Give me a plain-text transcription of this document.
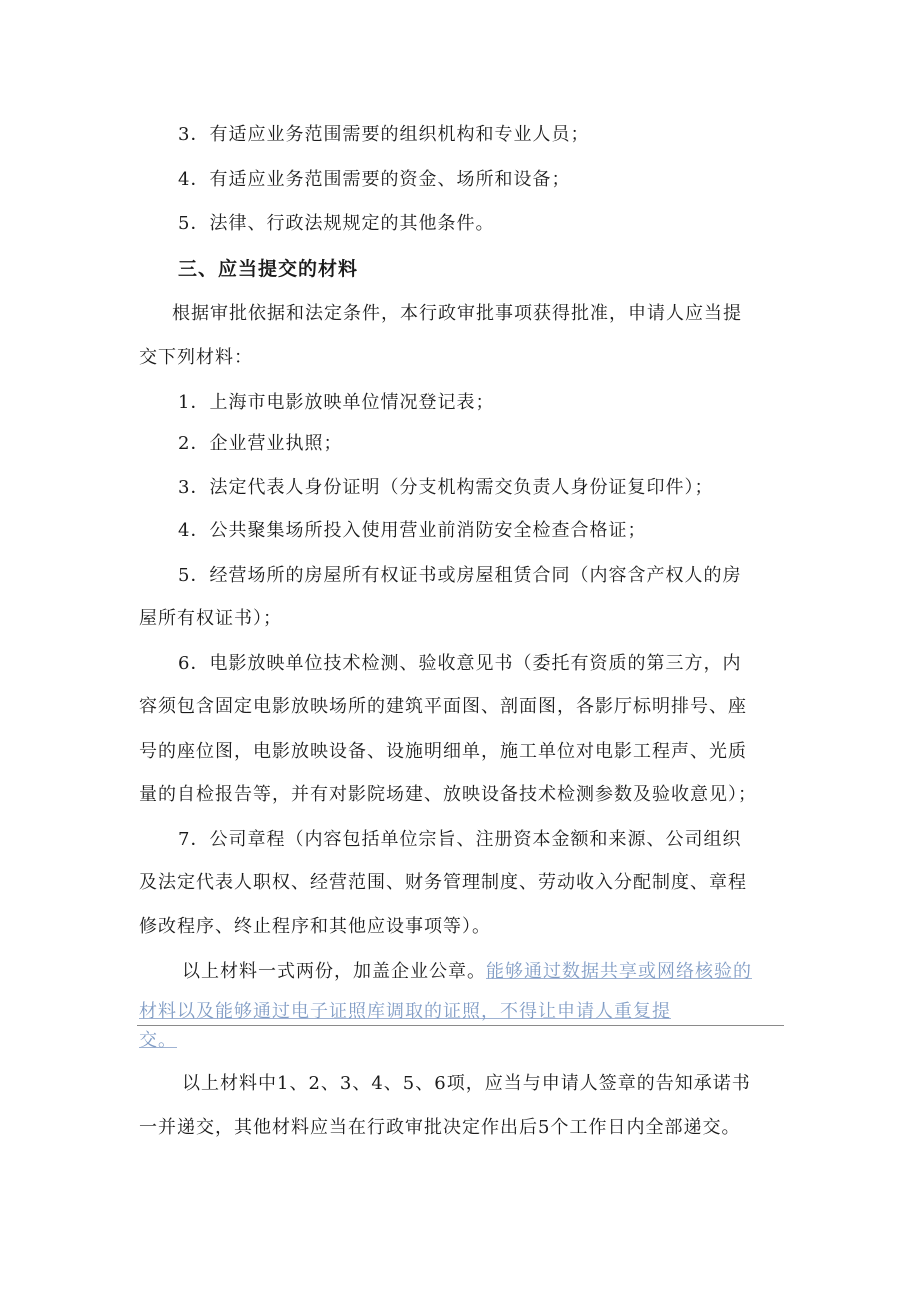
3．有适应业务范围需要的组织机构和专业人员；
4．有适应业务范围需要的资金、场所和设备；
5．法律、行政法规规定的其他条件。
三、应当提交的材料
根据审批依据和法定条件，本行政审批事项获得批准，申请人应当提
交下列材料：
1．上海市电影放映单位情况登记表；
2．企业营业执照；
3．法定代表人身份证明（分支机构需交负责人身份证复印件）；
4．公共聚集场所投入使用营业前消防安全检查合格证；
5．经营场所的房屋所有权证书或房屋租赁合同（内容含产权人的房
屋所有权证书）；
6．电影放映单位技术检测、验收意见书（委托有资质的第三方，内
容须包含固定电影放映场所的建筑平面图、剖面图，各影厅标明排号、座
号的座位图，电影放映设备、设施明细单，施工单位对电影工程声、光质
量的自检报告等，并有对影院场建、放映设备技术检测参数及验收意见）；
7．公司章程（内容包括单位宗旨、注册资本金额和来源、公司组织
及法定代表人职权、经营范围、财务管理制度、劳动收入分配制度、章程
修改程序、终止程序和其他应设事项等）。
以上材料一式两份，加盖企业公章。能够通过数据共享或网络核验的
材料以及能够通过电子证照库调取的证照，不得让申请人重复提
交。
以上材料中1、2、3、4、5、6项，应当与申请人签章的告知承诺书
一并递交，其他材料应当在行政审批决定作出后5个工作日内全部递交。
